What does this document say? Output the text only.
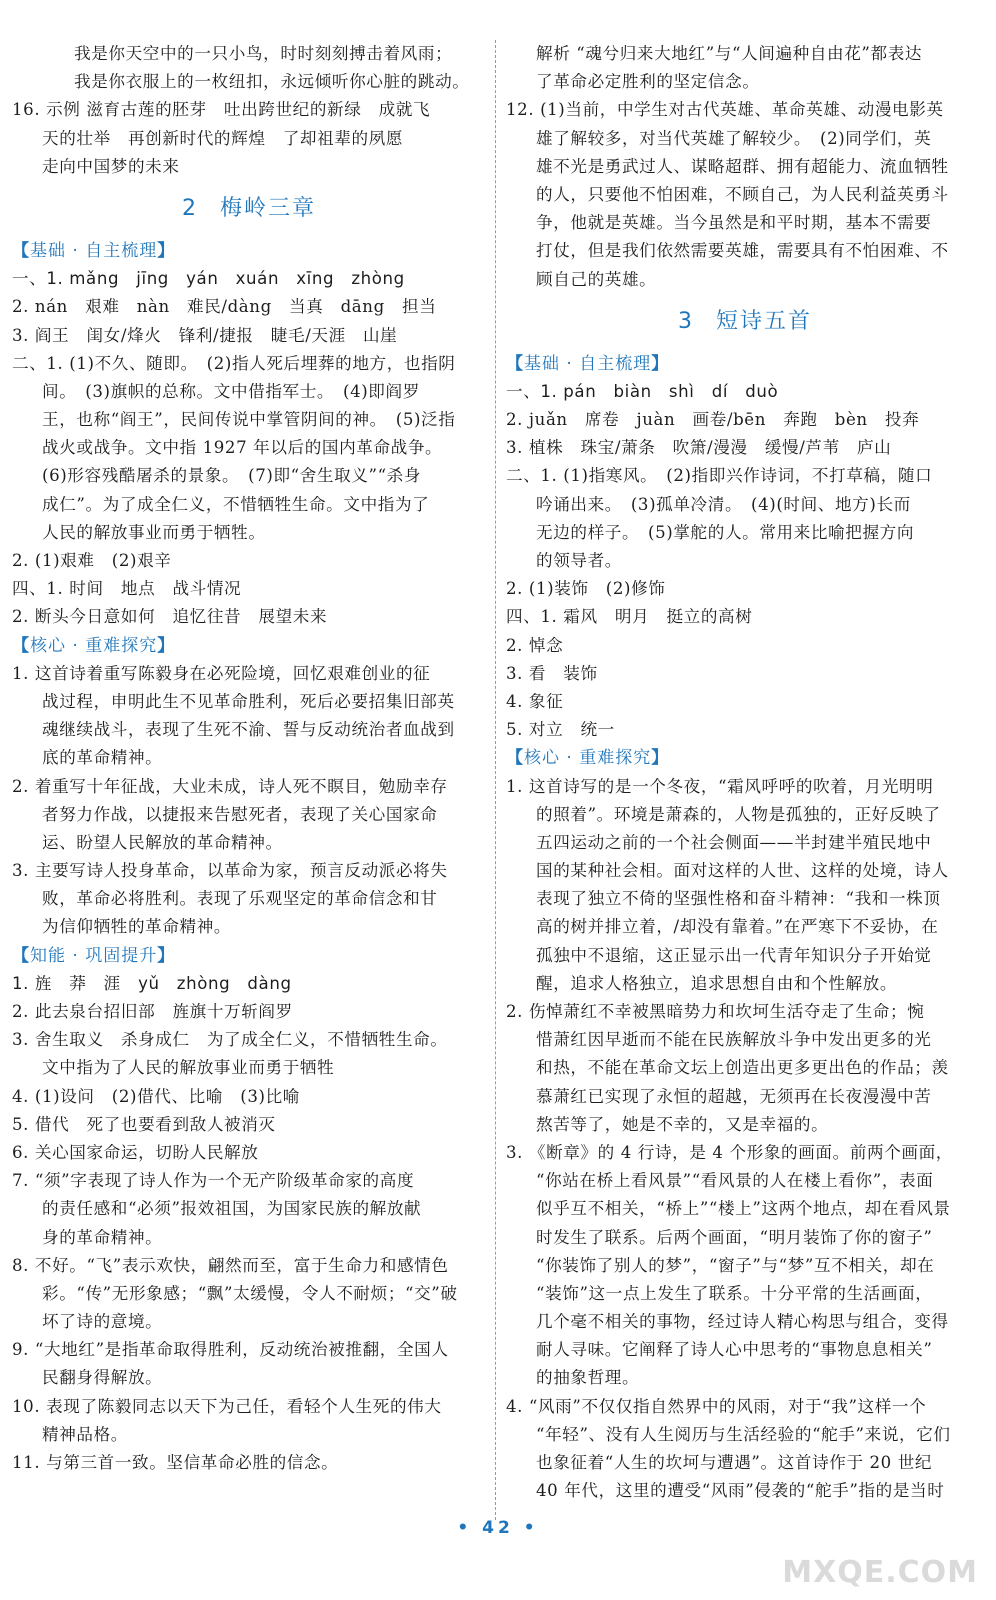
我是你天空中的一只小鸟，时时刻刻搏击着风雨；
我是你衣服上的一枚纽扣，永远倾听你心脏的跳动。
16. 示例 滋育古莲的胚芽　吐出跨世纪的新绿　成就飞
天的壮举　再创新时代的辉煌　了却祖辈的夙愿
走向中国梦的未来
2 梅岭三章
【基础 · 自主梳理】
一、1. mǎng　jīng　yán　xuán　xīng　zhòng
2. nán　艰难　nàn　难民/dàng　当真　dāng　担当
3. 阎王　闺女/烽火　锋利/捷报　睫毛/天涯　山崖
二、1. (1)不久、随即。　(2)指人死后埋葬的地方，也指阴
间。　(3)旗帜的总称。文中借指军士。　(4)即阎罗
王，也称“阎王”，民间传说中掌管阴间的神。　(5)泛指
战火或战争。文中指 1927 年以后的国内革命战争。
(6)形容残酷屠杀的景象。　(7)即“舍生取义”“杀身
成仁”。为了成全仁义，不惜牺牲生命。文中指为了
人民的解放事业而勇于牺牲。
2. (1)艰难　(2)艰辛
四、1. 时间　地点　战斗情况
2. 断头今日意如何　追忆往昔　展望未来
【核心 · 重难探究】
1. 这首诗着重写陈毅身在必死险境，回忆艰难创业的征
战过程，申明此生不见革命胜利，死后必要招集旧部英
魂继续战斗，表现了生死不渝、誓与反动统治者血战到
底的革命精神。
2. 着重写十年征战，大业未成，诗人死不瞑目，勉励幸存
者努力作战，以捷报来告慰死者，表现了关心国家命
运、盼望人民解放的革命精神。
3. 主要写诗人投身革命，以革命为家，预言反动派必将失
败，革命必将胜利。表现了乐观坚定的革命信念和甘
为信仰牺牲的革命精神。
【知能 · 巩固提升】
1. 旌　莽　涯　yǔ　zhòng　dàng
2. 此去泉台招旧部　旌旗十万斩阎罗
3. 舍生取义　杀身成仁　为了成全仁义，不惜牺牲生命。
文中指为了人民的解放事业而勇于牺牲
4. (1)设问　(2)借代、比喻　(3)比喻
5. 借代　死了也要看到敌人被消灭
6. 关心国家命运，切盼人民解放
7. “须”字表现了诗人作为一个无产阶级革命家的高度
的责任感和“必须”报效祖国，为国家民族的解放献
身的革命精神。
8. 不好。“飞”表示欢快，翩然而至，富于生命力和感情色
彩。“传”无形象感；“飘”太缓慢，令人不耐烦；“交”破
坏了诗的意境。
9. “大地红”是指革命取得胜利，反动统治被推翻，全国人
民翻身得解放。
10. 表现了陈毅同志以天下为己任，看轻个人生死的伟大
精神品格。
11. 与第三首一致。坚信革命必胜的信念。
解析 “魂兮归来大地红”与“人间遍种自由花”都表达
了革命必定胜利的坚定信念。
12. (1)当前，中学生对古代英雄、革命英雄、动漫电影英
雄了解较多，对当代英雄了解较少。　(2)同学们，英
雄不光是勇武过人、谋略超群、拥有超能力、流血牺牲
的人，只要他不怕困难，不顾自己，为人民利益英勇斗
争，他就是英雄。当今虽然是和平时期，基本不需要
打仗，但是我们依然需要英雄，需要具有不怕困难、不
顾自己的英雄。
3 短诗五首
【基础 · 自主梳理】
一、1. pán　biàn　shì　dí　duò
2. juǎn　席卷　juàn　画卷/bēn　奔跑　bèn　投奔
3. 植株　珠宝/萧条　吹箫/漫漫　缓慢/芦苇　庐山
二、1. (1)指寒风。　(2)指即兴作诗词，不打草稿，随口
吟诵出来。　(3)孤单冷清。　(4)(时间、地方)长而
无边的样子。　(5)掌舵的人。常用来比喻把握方向
的领导者。
2. (1)装饰　(2)修饰
四、1. 霜风　明月　挺立的高树
2. 悼念
3. 看　装饰
4. 象征
5. 对立　统一
【核心 · 重难探究】
1. 这首诗写的是一个冬夜，“霜风呼呼的吹着，月光明明
的照着”。环境是萧森的，人物是孤独的，正好反映了
五四运动之前的一个社会侧面——半封建半殖民地中
国的某种社会相。面对这样的人世、这样的处境，诗人
表现了独立不倚的坚强性格和奋斗精神：“我和一株顶
高的树并排立着，/却没有靠着。”在严寒下不妥协，在
孤独中不退缩，这正显示出一代青年知识分子开始觉
醒，追求人格独立，追求思想自由和个性解放。
2. 伤悼萧红不幸被黑暗势力和坎坷生活夺走了生命；惋
惜萧红因早逝而不能在民族解放斗争中发出更多的光
和热，不能在革命文坛上创造出更多更出色的作品；羡
慕萧红已实现了永恒的超越，无须再在长夜漫漫中苦
熬苦等了，她是不幸的，又是幸福的。
3. 《断章》的 4 行诗，是 4 个形象的画面。前两个画面，
“你站在桥上看风景”“看风景的人在楼上看你”，表面
似乎互不相关，“桥上”“楼上”这两个地点，却在看风景
时发生了联系。后两个画面，“明月装饰了你的窗子”
“你装饰了别人的梦”，“窗子”与“梦”互不相关，却在
“装饰”这一点上发生了联系。十分平常的生活画面，
几个毫不相关的事物，经过诗人精心构思与组合，变得
耐人寻味。它阐释了诗人心中思考的“事物息息相关”
的抽象哲理。
4. “风雨”不仅仅指自然界中的风雨，对于“我”这样一个
“年轻”、没有人生阅历与生活经验的“舵手”来说，它们
也象征着“人生的坎坷与遭遇”。这首诗作于 20 世纪
40 年代，这里的遭受“风雨”侵袭的“舵手”指的是当时
• 42 •
MXQE.COM
